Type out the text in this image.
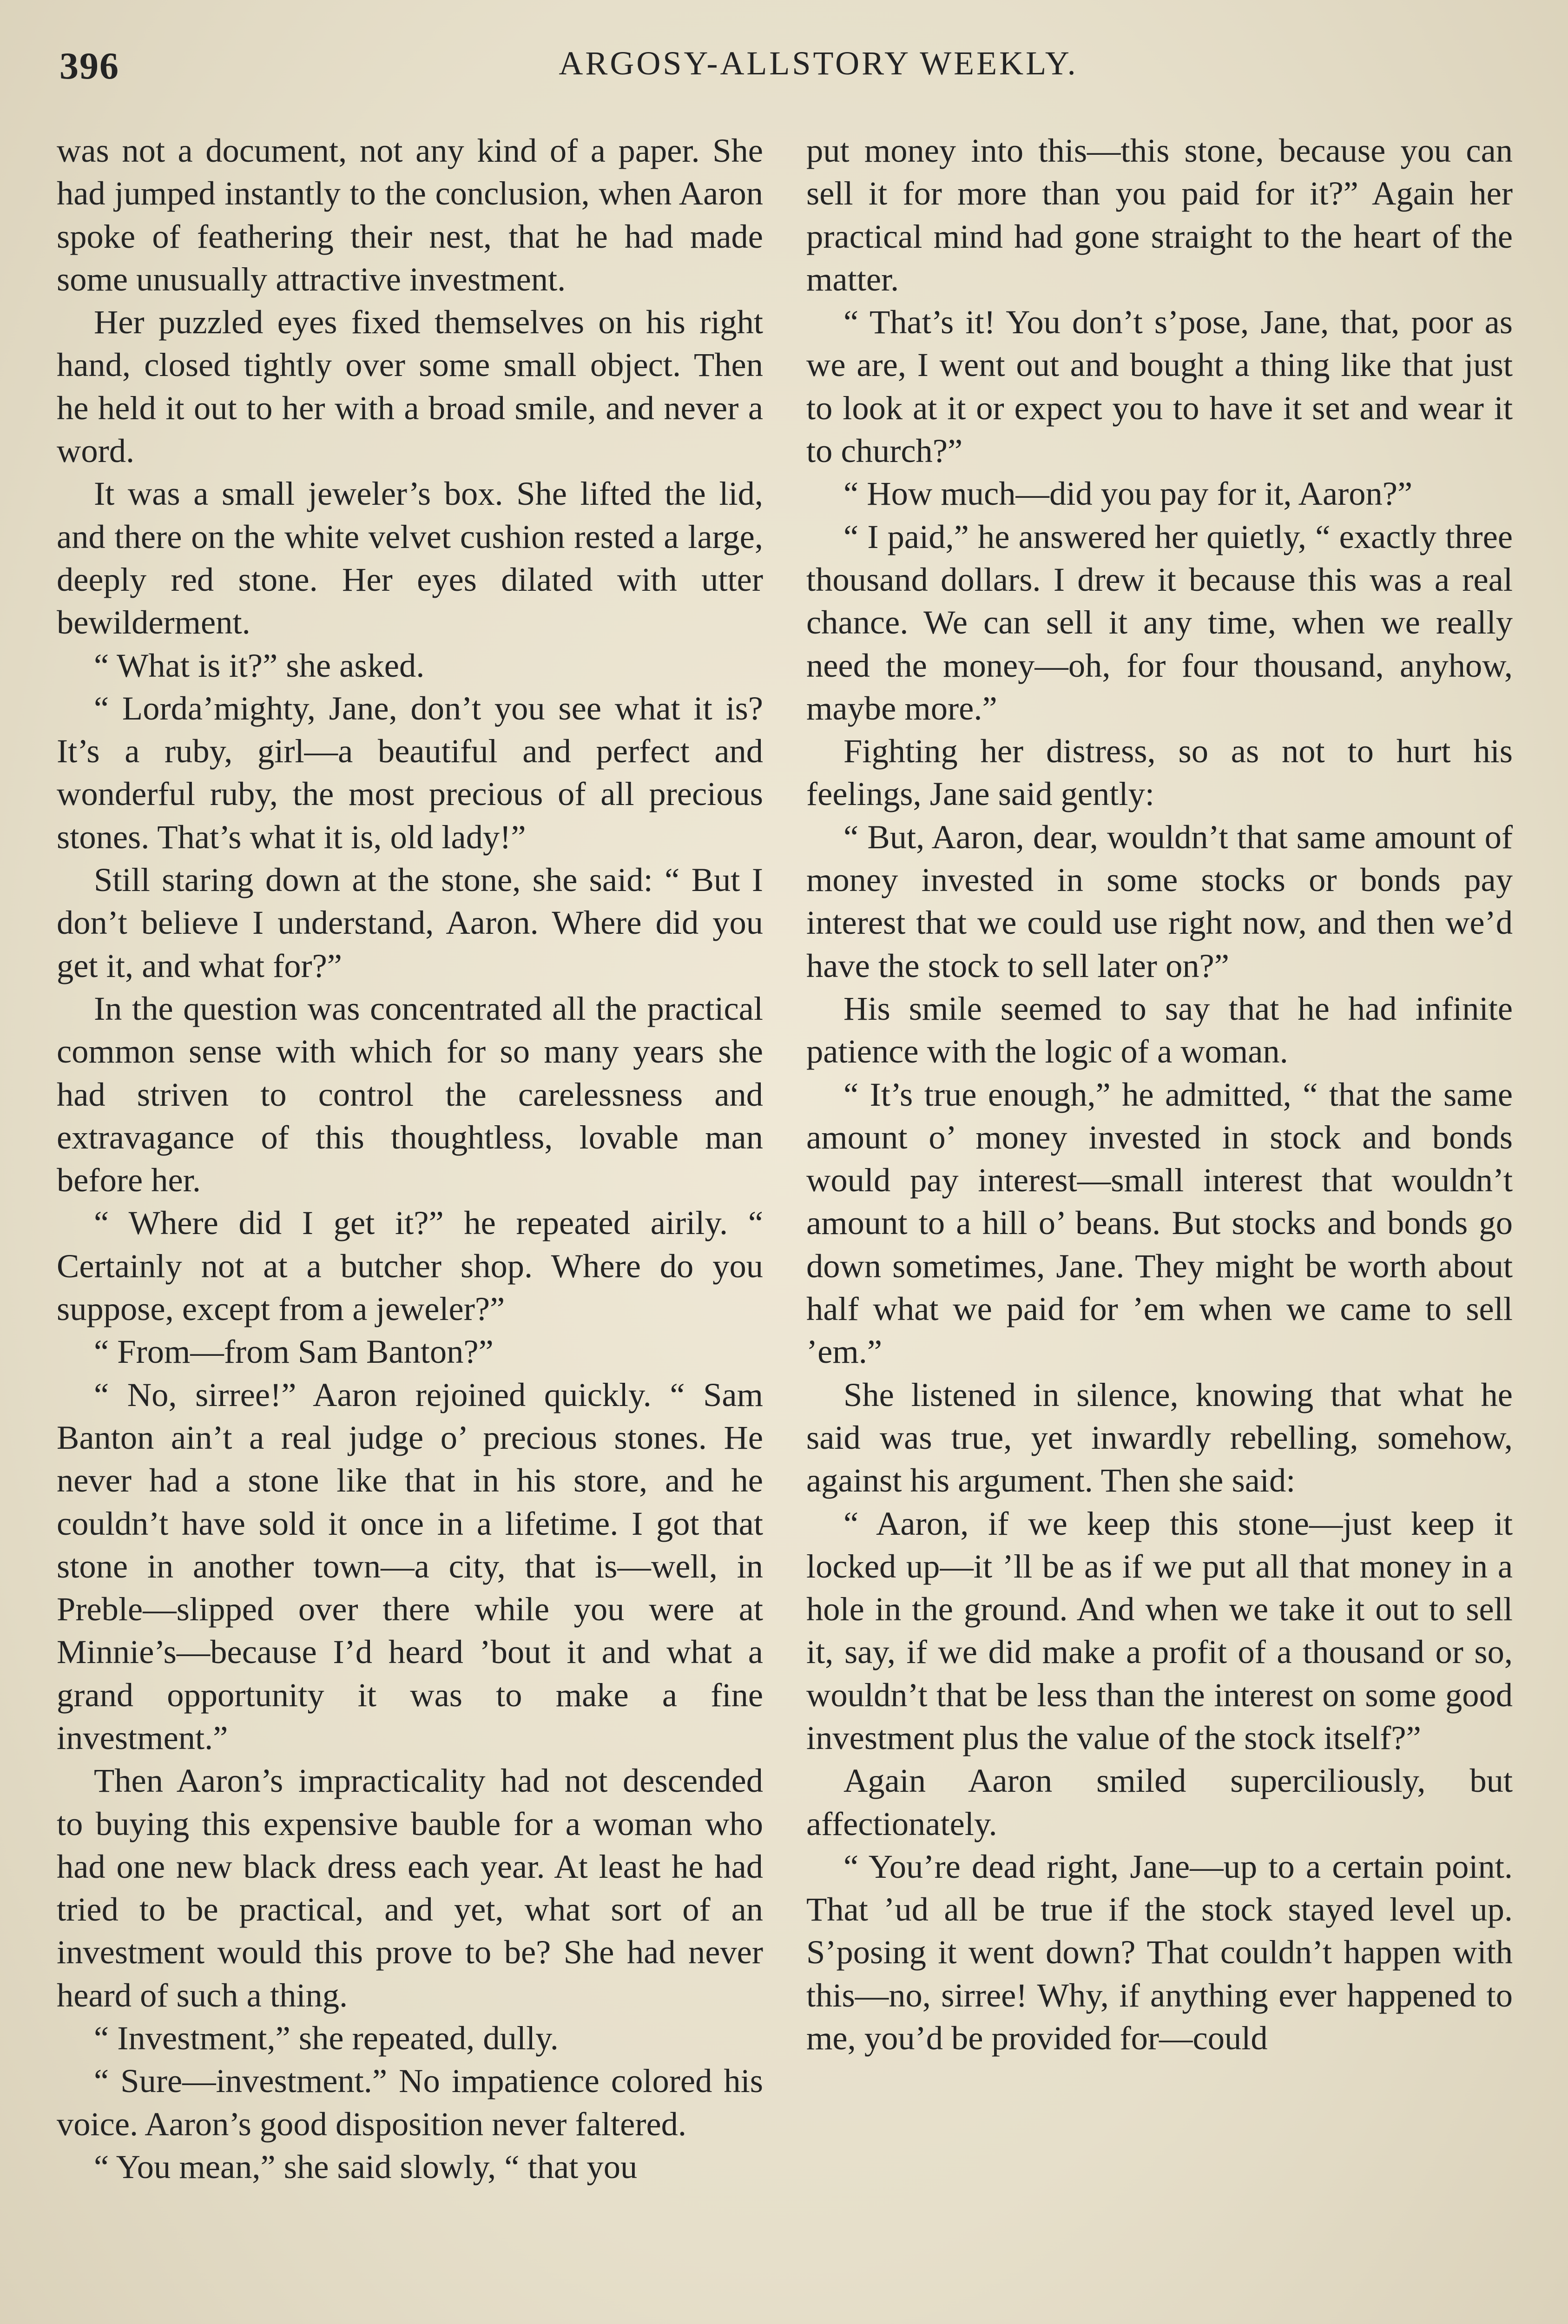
396	ARGOSY-ALLSTORY WEEKLY.

was not a document, not any kind of a paper. She had jumped instantly to the conclusion, when Aaron spoke of feathering their nest, that he had made some unusually attractive investment.

Her puzzled eyes fixed themselves on his right hand, closed tightly over some small object. Then he held it out to her with a broad smile, and never a word.

It was a small jeweler’s box. She lifted the lid, and there on the white velvet cushion rested a large, deeply red stone. Her eyes dilated with utter bewilderment.

“ What is it?” she asked.

“ Lorda’mighty, Jane, don’t you see what it is? It’s a ruby, girl—a beautiful and perfect and wonderful ruby, the most precious of all precious stones. That’s what it is, old lady!”

Still staring down at the stone, she said: “ But I don’t believe I understand, Aaron. Where did you get it, and what for?”

In the question was concentrated all the practical common sense with which for so many years she had striven to control the carelessness and extravagance of this thoughtless, lovable man before her.

“ Where did I get it?” he repeated airily. “ Certainly not at a butcher shop. Where do you suppose, except from a jeweler?”

“ From—from Sam Banton?”

“ No, sirree!” Aaron rejoined quickly. “ Sam Banton ain’t a real judge o’ precious stones. He never had a stone like that in his store, and he couldn’t have sold it once in a lifetime. I got that stone in another town—a city, that is—well, in Preble—slipped over there while you were at Minnie’s—because I’d heard ’bout it and what a grand opportunity it was to make a fine investment.”

Then Aaron’s impracticality had not descended to buying this expensive bauble for a woman who had one new black dress each year. At least he had tried to be practical, and yet, what sort of an investment would this prove to be? She had never heard of such a thing.

“ Investment,” she repeated, dully.

“ Sure—investment.” No impatience colored his voice. Aaron’s good disposition never faltered.

“ You mean,” she said slowly, “ that you

put money into this—this stone, because you can sell it for more than you paid for it?” Again her practical mind had gone straight to the heart of the matter.

“ That’s it! You don’t s’pose, Jane, that, poor as we are, I went out and bought a thing like that just to look at it or expect you to have it set and wear it to church?”

“ How much—did you pay for it, Aaron?”

“ I paid,” he answered her quietly, “ exactly three thousand dollars. I drew it because this was a real chance. We can sell it any time, when we really need the money—oh, for four thousand, anyhow, maybe more.”

Fighting her distress, so as not to hurt his feelings, Jane said gently:

“ But, Aaron, dear, wouldn’t that same amount of money invested in some stocks or bonds pay interest that we could use right now, and then we’d have the stock to sell later on?”

His smile seemed to say that he had infinite patience with the logic of a woman.

“ It’s true enough,” he admitted, “ that the same amount o’ money invested in stock and bonds would pay interest—small interest that wouldn’t amount to a hill o’ beans. But stocks and bonds go down sometimes, Jane. They might be worth about half what we paid for ’em when we came to sell ’em.”

She listened in silence, knowing that what he said was true, yet inwardly rebelling, somehow, against his argument. Then she said:

“ Aaron, if we keep this stone—just keep it locked up—it ’ll be as if we put all that money in a hole in the ground. And when we take it out to sell it, say, if we did make a profit of a thousand or so, wouldn’t that be less than the interest on some good investment plus the value of the stock itself?”

Again Aaron smiled superciliously, but affectionately.

“ You’re dead right, Jane—up to a certain point. That ’ud all be true if the stock stayed level up. S’posing it went down? That couldn’t happen with this—no, sirree! Why, if anything ever happened to me, you’d be provided for—could
